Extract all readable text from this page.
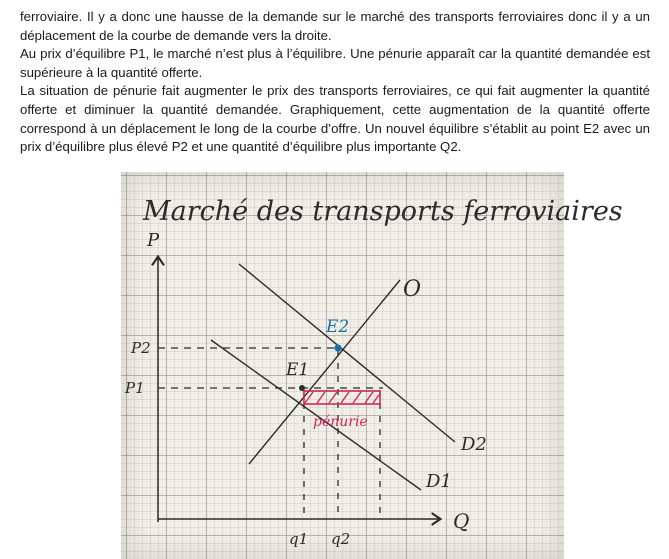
ferroviaire. Il y a donc une hausse de la demande sur le marché des transports ferroviaires donc il y a un déplacement de la courbe de demande vers la droite.

Au prix d’équilibre P1, le marché n’est plus à l’équilibre. Une pénurie apparaît car la quantité demandée est supérieure à la quantité offerte.

La situation de pénurie fait augmenter le prix des transports ferroviaires, ce qui fait augmenter la quantité offerte et diminuer la quantité demandée. Graphiquement, cette augmentation de la quantité offerte correspond à un déplacement le long de la courbe d’offre. Un nouvel équilibre s’établit au point E2 avec un prix d’équilibre plus élevé P2 et une quantité d’équilibre plus importante Q2.

Marché des transports ferroviaires
P
Q
O
D1
D2
P2
P1
q1 q2
pénurie
E1
E2
